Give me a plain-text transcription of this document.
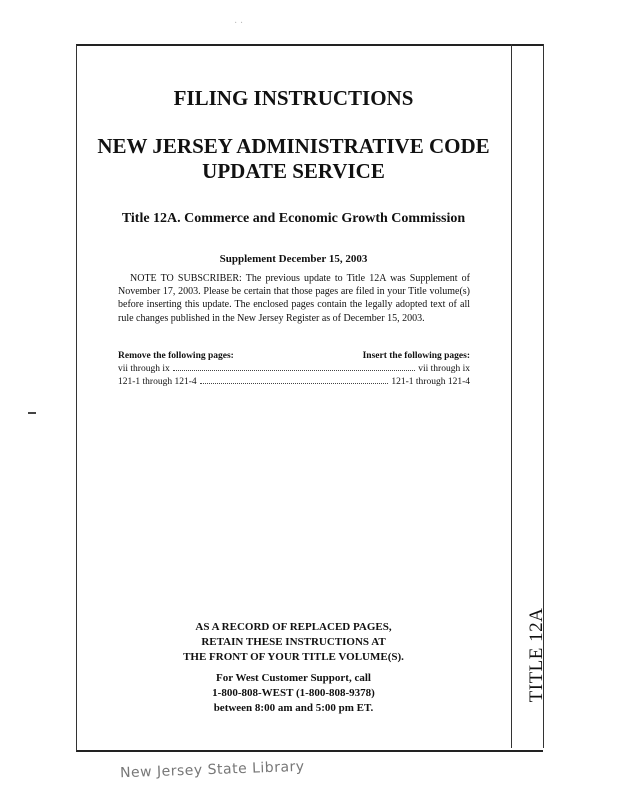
TITLE 12A
· ·
FILING INSTRUCTIONS
NEW JERSEY ADMINISTRATIVE CODE
UPDATE SERVICE
Title 12A. Commerce and Economic Growth Commission
Supplement December 15, 2003
NOTE TO SUBSCRIBER: The previous update to Title 12A was Supplement of November 17, 2003. Please be certain that those pages are filed in your Title volume(s) before inserting this update. The enclosed pages contain the legally adopted text of all rule changes published in the New Jersey Register as of December 15, 2003.
Remove the following pages:	Insert the following pages:
vii through ix	vii through ix
121-1 through 121-4	121-1 through 121-4
AS A RECORD OF REPLACED PAGES,
RETAIN THESE INSTRUCTIONS AT
THE FRONT OF YOUR TITLE VOLUME(S).
For West Customer Support, call
1-800-808-WEST (1-800-808-9378)
between 8:00 am and 5:00 pm ET.
New Jersey State Library
